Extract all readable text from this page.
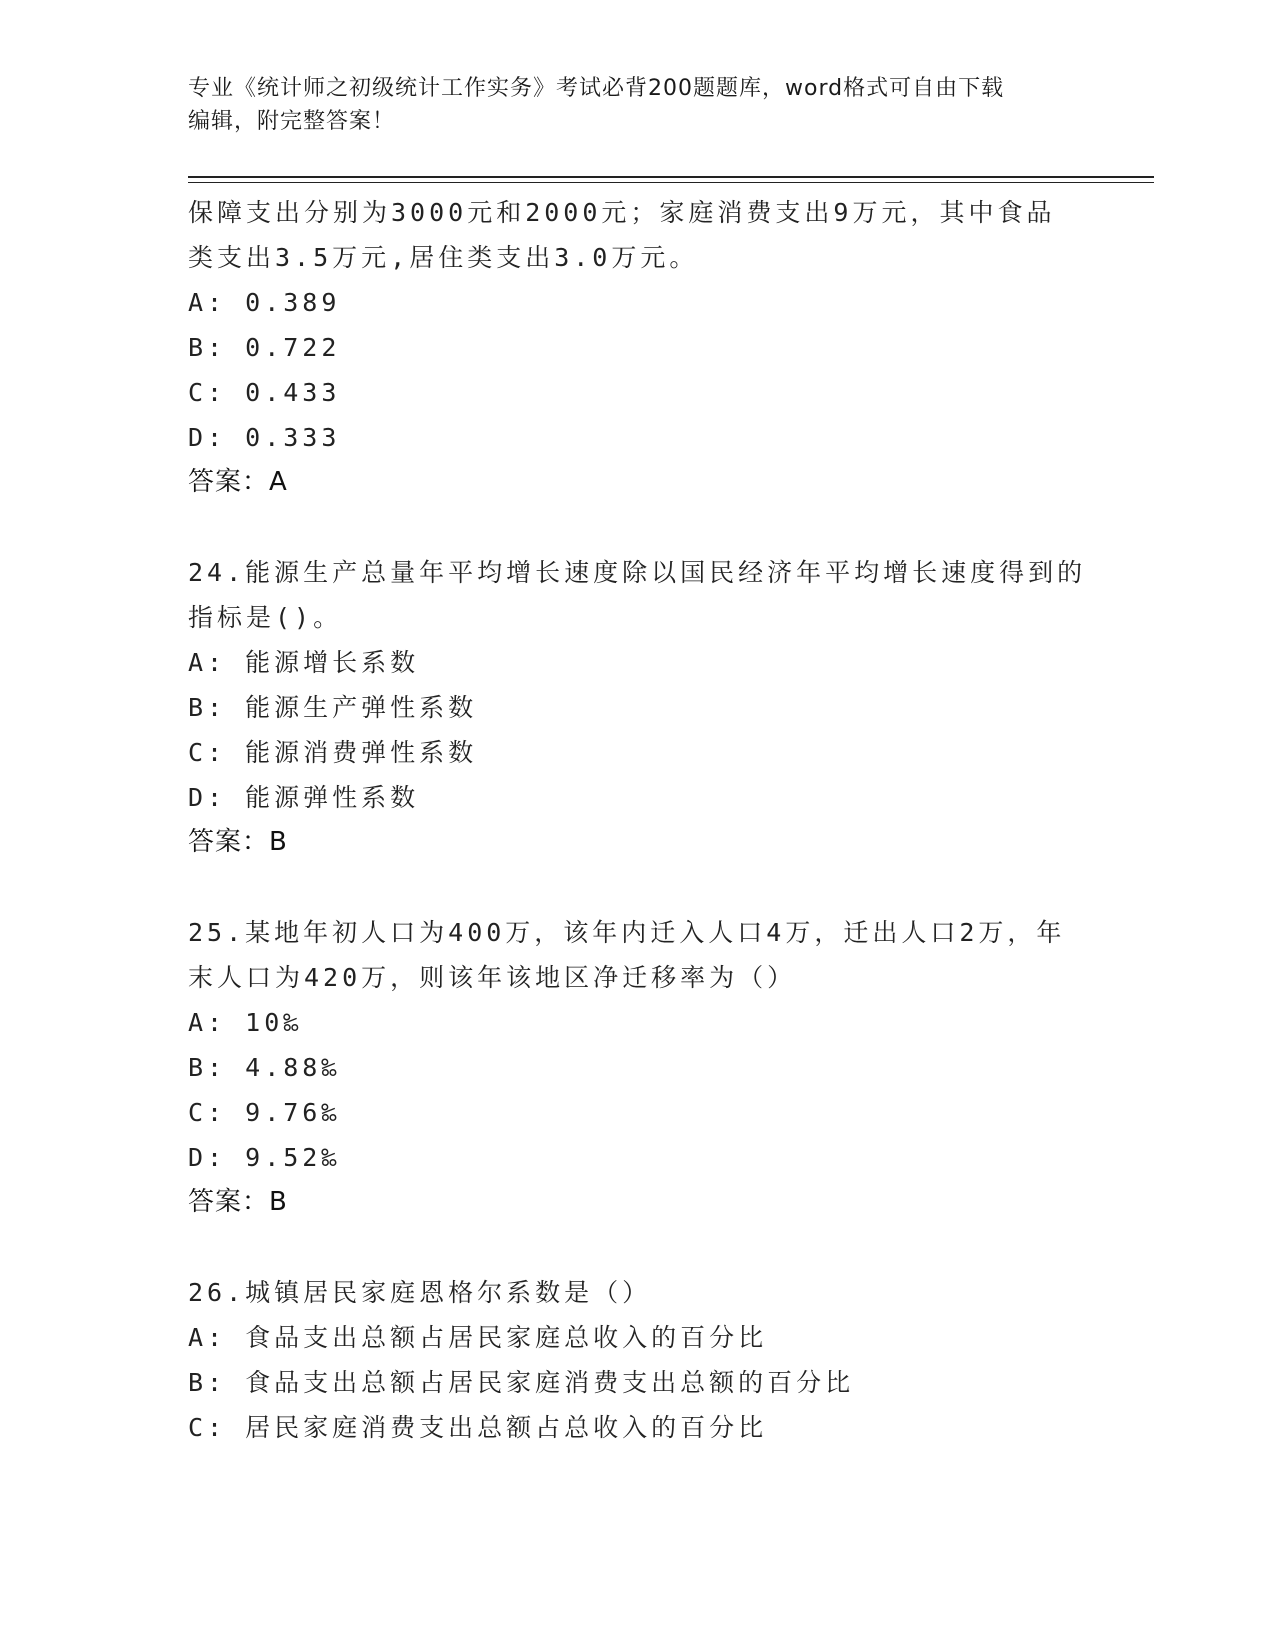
专业《统计师之初级统计工作实务》考试必背200题题库，word格式可自由下载
编辑，附完整答案！
保障支出分别为3000元和2000元；家庭消费支出9万元，其中食品
类支出3.5万元,居住类支出3.0万元。
A: 0.389
B: 0.722
C: 0.433
D: 0.333
答案：A
24.能源生产总量年平均增长速度除以国民经济年平均增长速度得到的
指标是()。
A: 能源增长系数
B: 能源生产弹性系数
C: 能源消费弹性系数
D: 能源弹性系数
答案：B
25.某地年初人口为400万，该年内迁入人口4万，迁出人口2万，年
末人口为420万，则该年该地区净迁移率为（）
A: 10‰
B: 4.88‰
C: 9.76‰
D: 9.52‰
答案：B
26.城镇居民家庭恩格尔系数是（）
A: 食品支出总额占居民家庭总收入的百分比
B: 食品支出总额占居民家庭消费支出总额的百分比
C: 居民家庭消费支出总额占总收入的百分比
